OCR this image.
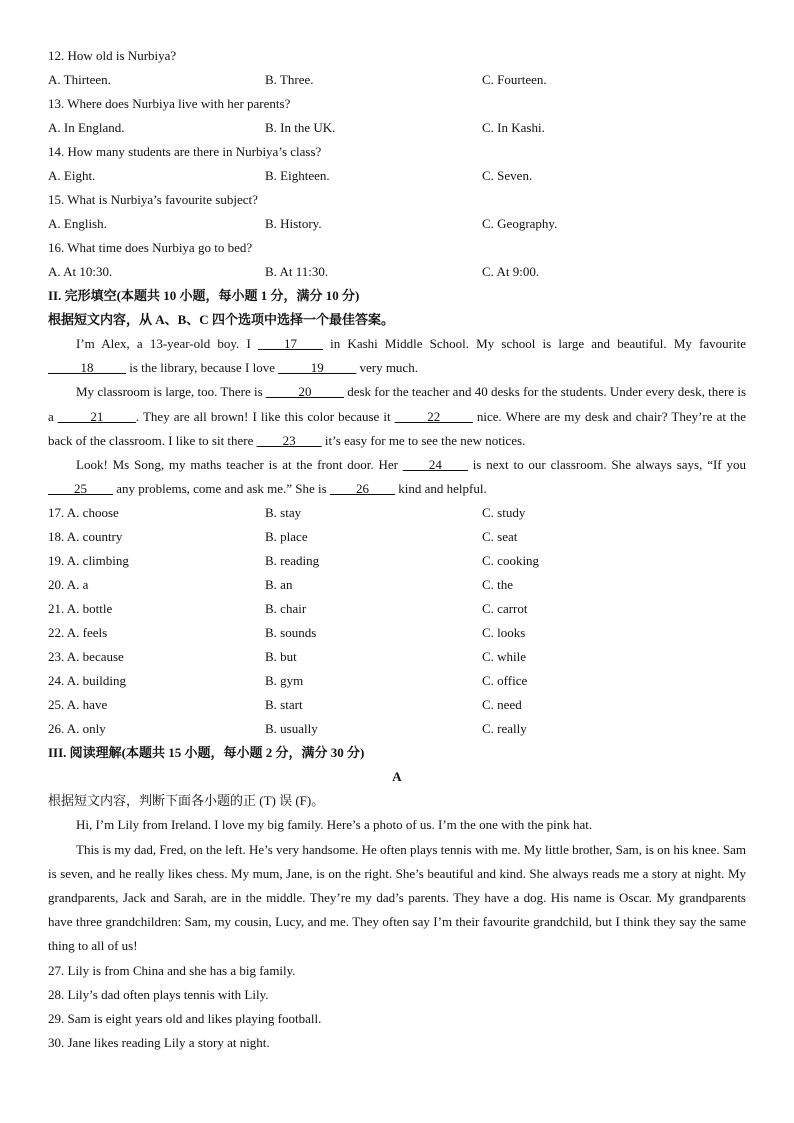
12. How old is Nurbiya?
A. Thirteen.	B. Three.	C. Fourteen.
13. Where does Nurbiya live with her parents?
A. In England.	B. In the UK.	C. In Kashi.
14. How many students are there in Nurbiya’s class?
A. Eight.	B. Eighteen.	C. Seven.
15. What is Nurbiya’s favourite subject?
A. English.	B. History.	C. Geography.
16. What time does Nurbiya go to bed?
A. At 10:30.	B. At 11:30.	C. At 9:00.
II. 完形填空(本题共 10 小题，每小题 1 分，满分 10 分)
根据短文内容，从 A、B、C 四个选项中选择一个最佳答案。

I’m Alex, a 13-year-old boy. I ____17____ in Kashi Middle School. My school is large and beautiful. My favourite _____18_____ is the library, because I love _____19_____ very much.

My classroom is large, too. There is _____20_____ desk for the teacher and 40 desks for the students. Under every desk, there is a _____21_____. They are all brown! I like this color because it _____22_____ nice. Where are my desk and chair? They’re at the back of the classroom. I like to sit there ____23____ it’s easy for me to see the new notices.

Look! Ms Song, my maths teacher is at the front door. Her ____24____ is next to our classroom. She always says, “If you ____25____ any problems, come and ask me.” She is ____26____ kind and helpful.

17. A. choose	B. stay	C. study
18. A. country	B. place	C. seat
19. A. climbing	B. reading	C. cooking
20. A. a	B. an	C. the
21. A. bottle	B. chair	C. carrot
22. A. feels	B. sounds	C. looks
23. A. because	B. but	C. while
24. A. building	B. gym	C. office
25. A. have	B. start	C. need
26. A. only	B. usually	C. really
III. 阅读理解(本题共 15 小题，每小题 2 分，满分 30 分)
A
根据短文内容，判断下面各小题的正 (T) 误 (F)。

Hi, I’m Lily from Ireland. I love my big family. Here’s a photo of us. I’m the one with the pink hat.

This is my dad, Fred, on the left. He’s very handsome. He often plays tennis with me. My little brother, Sam, is on his knee. Sam is seven, and he really likes chess. My mum, Jane, is on the right. She’s beautiful and kind. She always reads me a story at night. My grandparents, Jack and Sarah, are in the middle. They’re my dad’s parents. They have a dog. His name is Oscar. My grandparents have three grandchildren: Sam, my cousin, Lucy, and me. They often say I’m their favourite grandchild, but I think they say the same thing to all of us!

27. Lily is from China and she has a big family.
28. Lily’s dad often plays tennis with Lily.
29. Sam is eight years old and likes playing football.
30. Jane likes reading Lily a story at night.
